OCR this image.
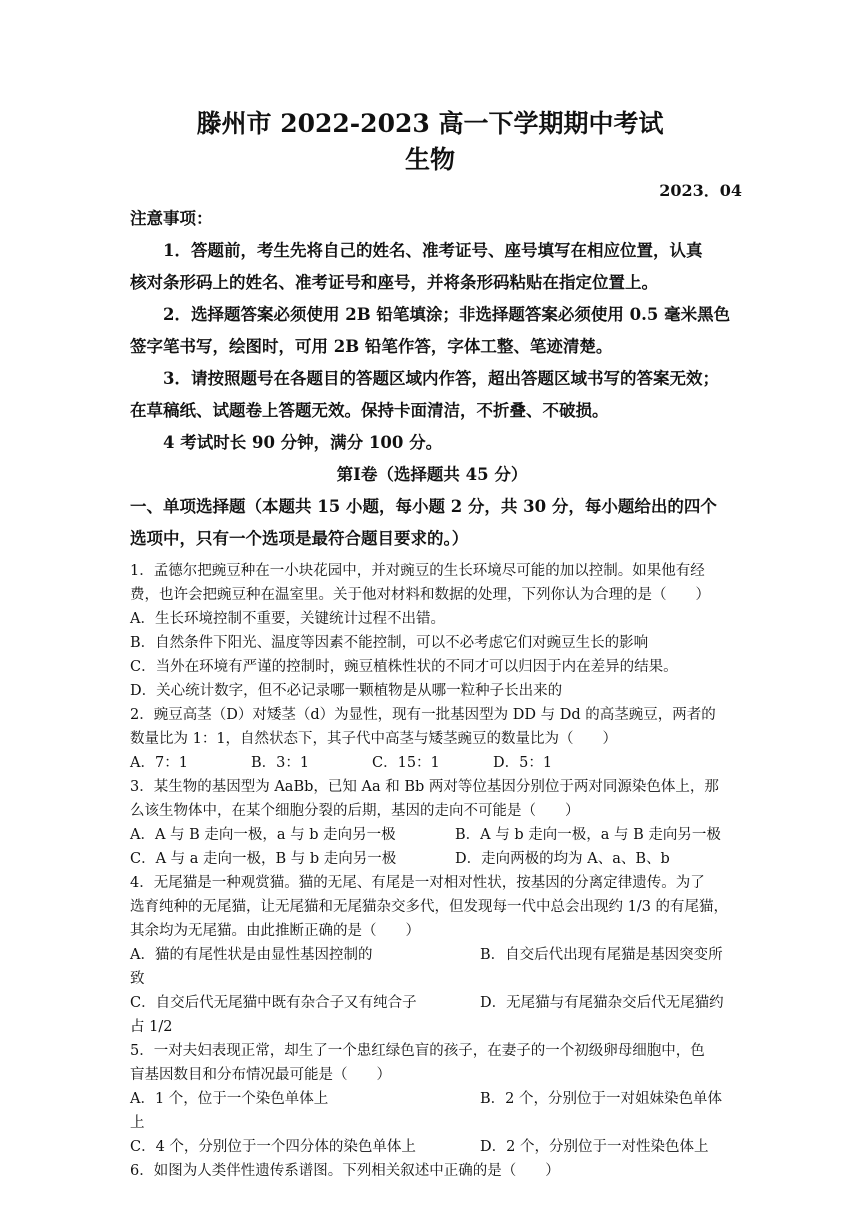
滕州市 2022-2023 高一下学期期中考试
生物
2023．04
注意事项：
1．答题前，考生先将自己的姓名、准考证号、座号填写在相应位置，认真
核对条形码上的姓名、准考证号和座号，并将条形码粘贴在指定位置上。
2．选择题答案必须使用 2B 铅笔填涂；非选择题答案必须使用 0.5 毫米黑色
签字笔书写，绘图时，可用 2B 铅笔作答，字体工整、笔迹清楚。
3．请按照题号在各题目的答题区域内作答，超出答题区域书写的答案无效；
在草稿纸、试题卷上答题无效。保持卡面清洁，不折叠、不破损。
4 考试时长 90 分钟，满分 100 分。
第Ⅰ卷（选择题共 45 分）
一、单项选择题（本题共 15 小题，每小题 2 分，共 30 分，每小题给出的四个
选项中，只有一个选项是最符合题目要求的。）
1．孟德尔把豌豆种在一小块花园中，并对豌豆的生长环境尽可能的加以控制。如果他有经
费，也许会把豌豆种在温室里。关于他对材料和数据的处理，下列你认为合理的是（　　）
A．生长环境控制不重要，关键统计过程不出错。
B．自然条件下阳光、温度等因素不能控制，可以不必考虑它们对豌豆生长的影响
C．当外在环境有严谨的控制时，豌豆植株性状的不同才可以归因于内在差异的结果。
D．关心统计数字，但不必记录哪一颗植物是从哪一粒种子长出来的
2．豌豆高茎（D）对矮茎（d）为显性，现有一批基因型为 DD 与 Dd 的高茎豌豆，两者的
数量比为 1：1，自然状态下，其子代中高茎与矮茎豌豆的数量比为（　　）
A．7：1	B．3：1	C．15：1	D．5：1
3．某生物的基因型为 AaBb，已知 Aa 和 Bb 两对等位基因分别位于两对同源染色体上，那
么该生物体中，在某个细胞分裂的后期，基因的走向不可能是（　　）
A．A 与 B 走向一极，a 与 b 走向另一极	B．A 与 b 走向一极，a 与 B 走向另一极
C．A 与 a 走向一极，B 与 b 走向另一极	D．走向两极的均为 A、a、B、b
4．无尾猫是一种观赏猫。猫的无尾、有尾是一对相对性状，按基因的分离定律遗传。为了
选育纯种的无尾猫，让无尾猫和无尾猫杂交多代，但发现每一代中总会出现约 1/3 的有尾猫，
其余均为无尾猫。由此推断正确的是（　　）
A．猫的有尾性状是由显性基因控制的	B．自交后代出现有尾猫是基因突变所
致
C．自交后代无尾猫中既有杂合子又有纯合子	D．无尾猫与有尾猫杂交后代无尾猫约
占 1/2
5．一对夫妇表现正常，却生了一个患红绿色盲的孩子，在妻子的一个初级卵母细胞中，色
盲基因数目和分布情况最可能是（　　）
A．1 个，位于一个染色单体上	B．2 个，分别位于一对姐妹染色单体
上
C．4 个，分别位于一个四分体的染色单体上	D．2 个，分别位于一对性染色体上
6．如图为人类伴性遗传系谱图。下列相关叙述中正确的是（　　）
